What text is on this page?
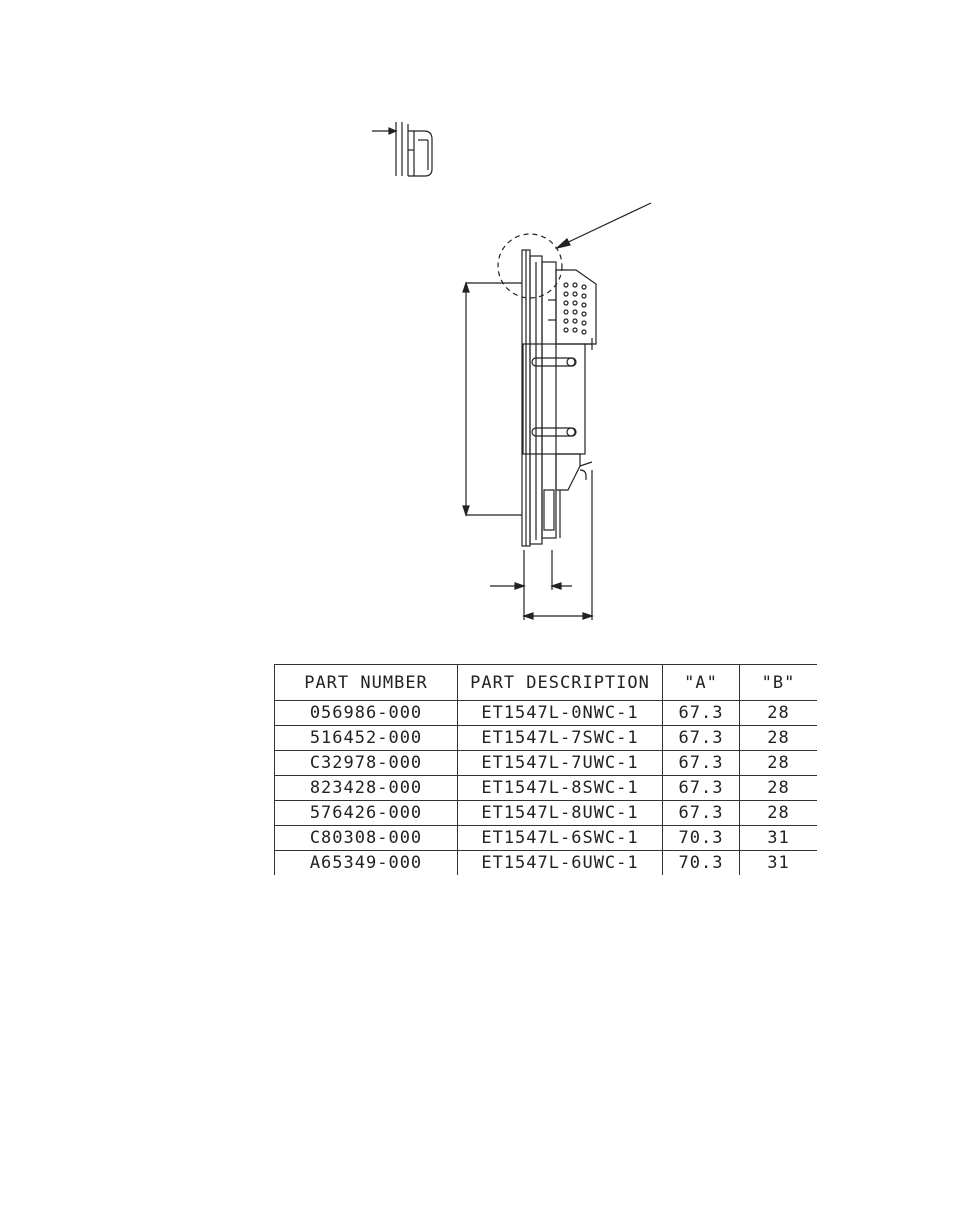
PART NUMBER	PART DESCRIPTION	"A"	"B"
056986-000	ET1547L-0NWC-1	67.3	28
516452-000	ET1547L-7SWC-1	67.3	28
C32978-000	ET1547L-7UWC-1	67.3	28
823428-000	ET1547L-8SWC-1	67.3	28
576426-000	ET1547L-8UWC-1	67.3	28
C80308-000	ET1547L-6SWC-1	70.3	31
A65349-000	ET1547L-6UWC-1	70.3	31
